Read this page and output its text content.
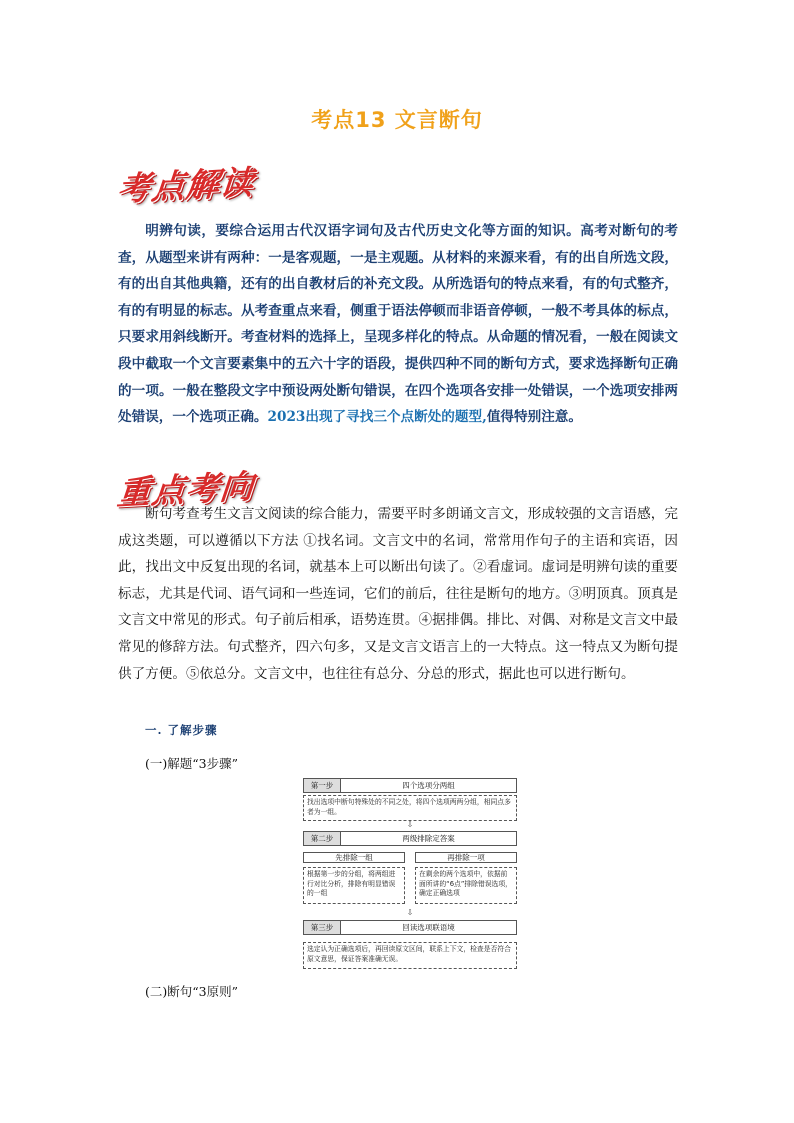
考点13 文言断句
考点解读

明辨句读，要综合运用古代汉语字词句及古代历史文化等方面的知识。高考对断句的考查，从题型来讲有两种：一是客观题，一是主观题。从材料的来源来看，有的出自所选文段，有的出自其他典籍，还有的出自教材后的补充文段。从所选语句的特点来看，有的句式整齐，有的有明显的标志。从考查重点来看，侧重于语法停顿而非语音停顿，一般不考具体的标点，只要求用斜线断开。考查材料的选择上，呈现多样化的特点。从命题的情况看，一般在阅读文段中截取一个文言要素集中的五六十字的语段，提供四种不同的断句方式，要求选择断句正确的一项。一般在整段文字中预设两处断句错误，在四个选项各安排一处错误，一个选项安排两处错误，一个选项正确。2023出现了寻找三个点断处的题型,值得特别注意。

重点考向

断句考查考生文言文阅读的综合能力，需要平时多朗诵文言文，形成较强的文言语感，完成这类题，可以遵循以下方法 ①找名词。文言文中的名词，常常用作句子的主语和宾语，因此，找出文中反复出现的名词，就基本上可以断出句读了。②看虚词。虚词是明辨句读的重要标志，尤其是代词、语气词和一些连词，它们的前后，往往是断句的地方。③明顶真。顶真是文言文中常见的形式。句子前后相承，语势连贯。④据排偶。排比、对偶、对称是文言文中最常见的修辞方法。句式整齐，四六句多，又是文言文语言上的一大特点。这一特点又为断句提供了方便。⑤依总分。文言文中，也往往有总分、分总的形式，据此也可以进行断句。

一. 了解步骤
(一)解题“3步骤”
第一步	四个选项分两组
找出选项中断句特殊处的不同之处，将四个选项两两分组，相同点多者为一组。
⇩
第二步	两级排除定答案
先排除一组	再排除一项
根据第一步的分组，将两组进行对比分析，排除有明显错误的一组
在剩余的两个选项中，依据前面所讲的“6点”排除错误选项，确定正确选项
⇩
第三步	回读选项联语境
选定认为正确选项后，再回读原文区间，联系上下文，检查是否符合原文意思，保证答案准确无误。
(二)断句“3原则”
